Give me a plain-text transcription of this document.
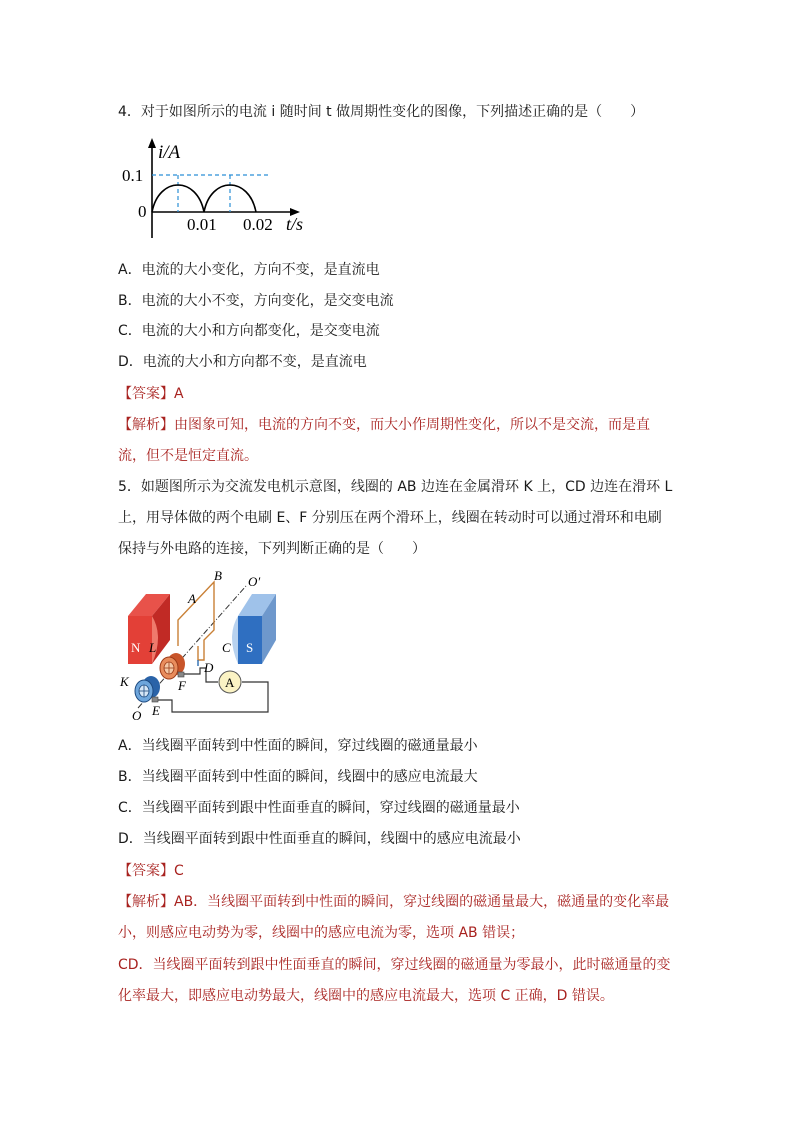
4．对于如图所示的电流 i 随时间 t 做周期性变化的图像，下列描述正确的是（　　）
i/A
0.1
0
0.01 0.02 t/s
A．电流的大小变化，方向不变，是直流电
B．电流的大小不变，方向变化，是交变电流
C．电流的大小和方向都变化，是交变电流
D．电流的大小和方向都不变，是直流电
【答案】A
【解析】由图象可知，电流的方向不变，而大小作周期性变化，所以不是交流，而是直
流，但不是恒定直流。
5．如题图所示为交流发电机示意图，线圈的 AB 边连在金属滑环 K 上，CD 边连在滑环 L
上，用导体做的两个电刷 E、F 分别压在两个滑环上，线圈在转动时可以通过滑环和电刷
保持与外电路的连接，下列判断正确的是（　　）
A
B O′
A
N L	C S
D
F
K
O E
A．当线圈平面转到中性面的瞬间，穿过线圈的磁通量最小
B．当线圈平面转到中性面的瞬间，线圈中的感应电流最大
C．当线圈平面转到跟中性面垂直的瞬间，穿过线圈的磁通量最小
D．当线圈平面转到跟中性面垂直的瞬间，线圈中的感应电流最小
【答案】C
【解析】AB．当线圈平面转到中性面的瞬间，穿过线圈的磁通量最大，磁通量的变化率最
小，则感应电动势为零，线圈中的感应电流为零，选项 AB 错误；
CD．当线圈平面转到跟中性面垂直的瞬间，穿过线圈的磁通量为零最小，此时磁通量的变
化率最大，即感应电动势最大，线圈中的感应电流最大，选项 C 正确，D 错误。
